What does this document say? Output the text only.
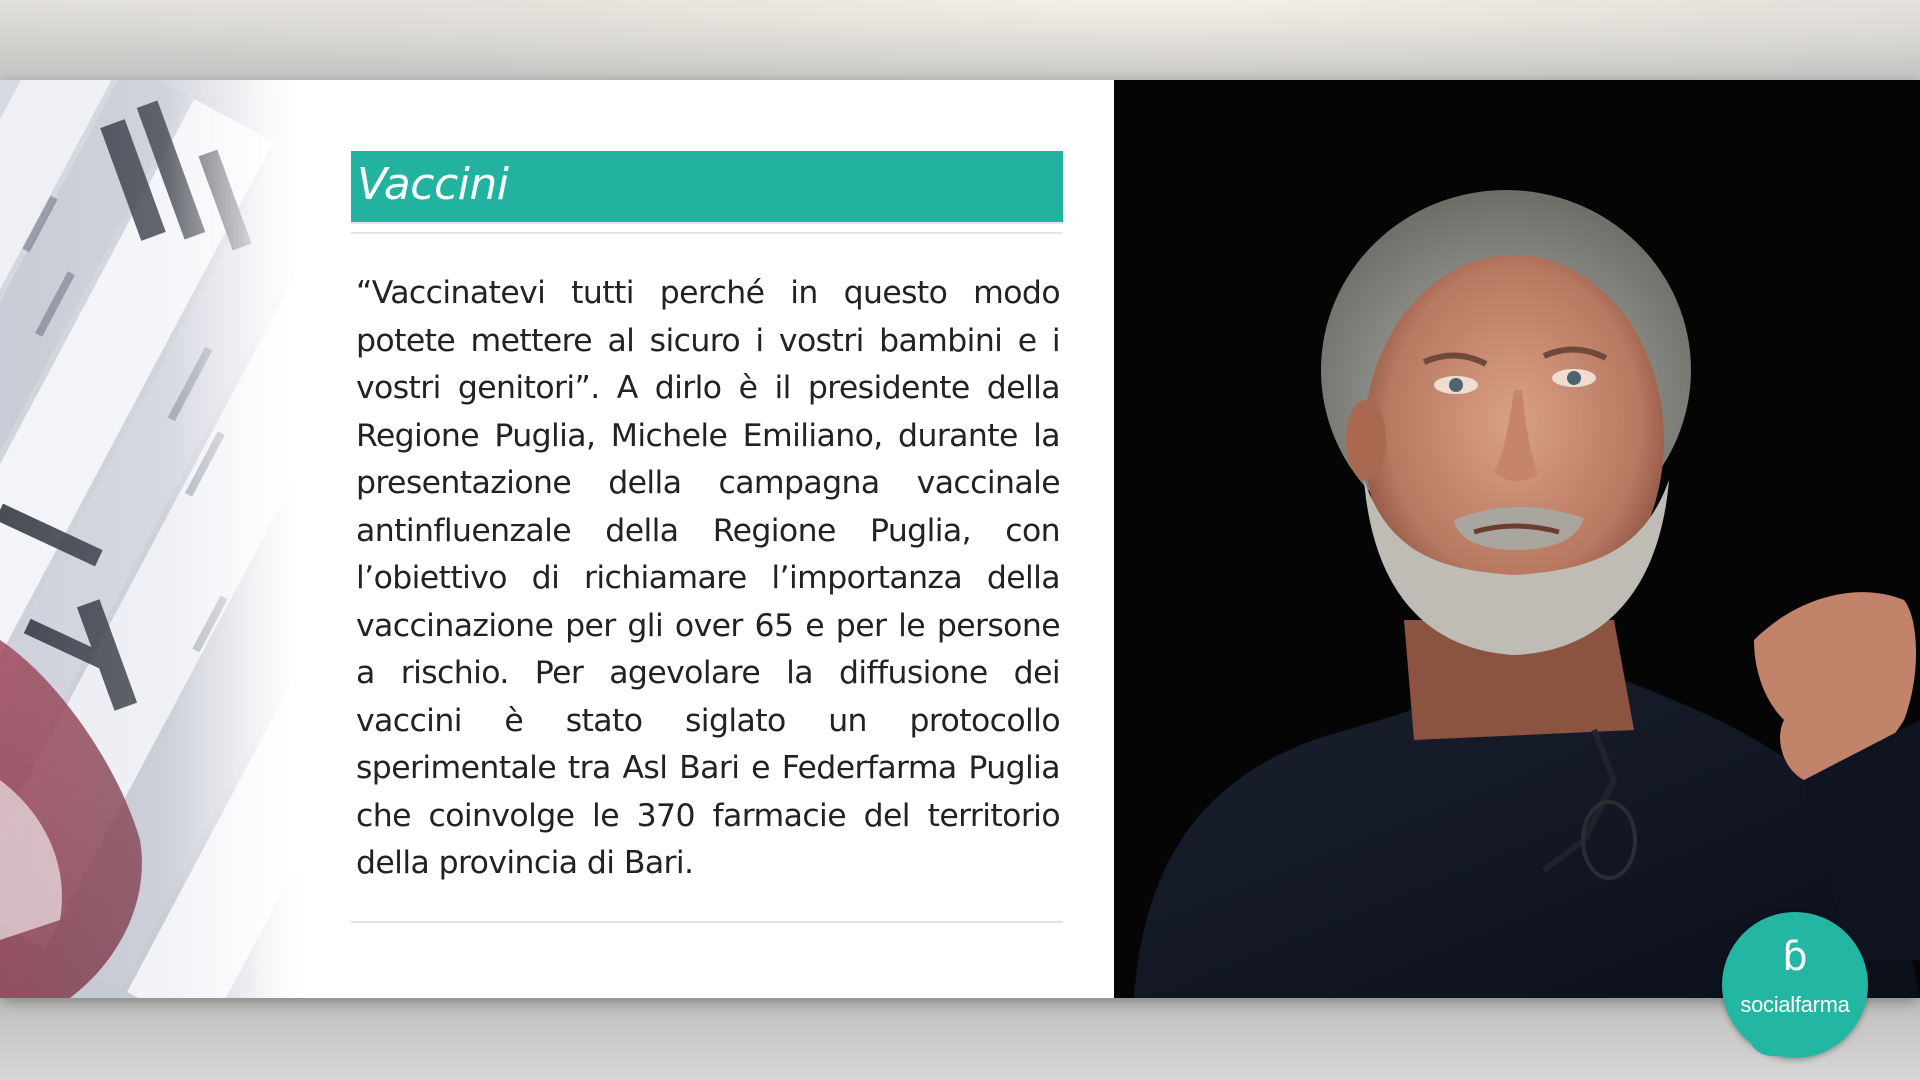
Vaccini

“Vaccinatevi tutti perché in questo modo potete mettere al sicuro i vostri bambini e i vostri genitori”. A dirlo è il presidente della Regione Puglia, Michele Emiliano, durante la presentazione della campagna vaccinale antinfluenzale della Regione Puglia, con l’obiettivo di richiamare l’importanza della vaccinazione per gli over 65 e per le persone a rischio. Per agevolare la diffusione dei vaccini è stato siglato un protocollo sperimentale tra Asl Bari e Federfarma Puglia che coinvolge le 370 farmacie del territorio della provincia di Bari.

ɓ
socialfarma
